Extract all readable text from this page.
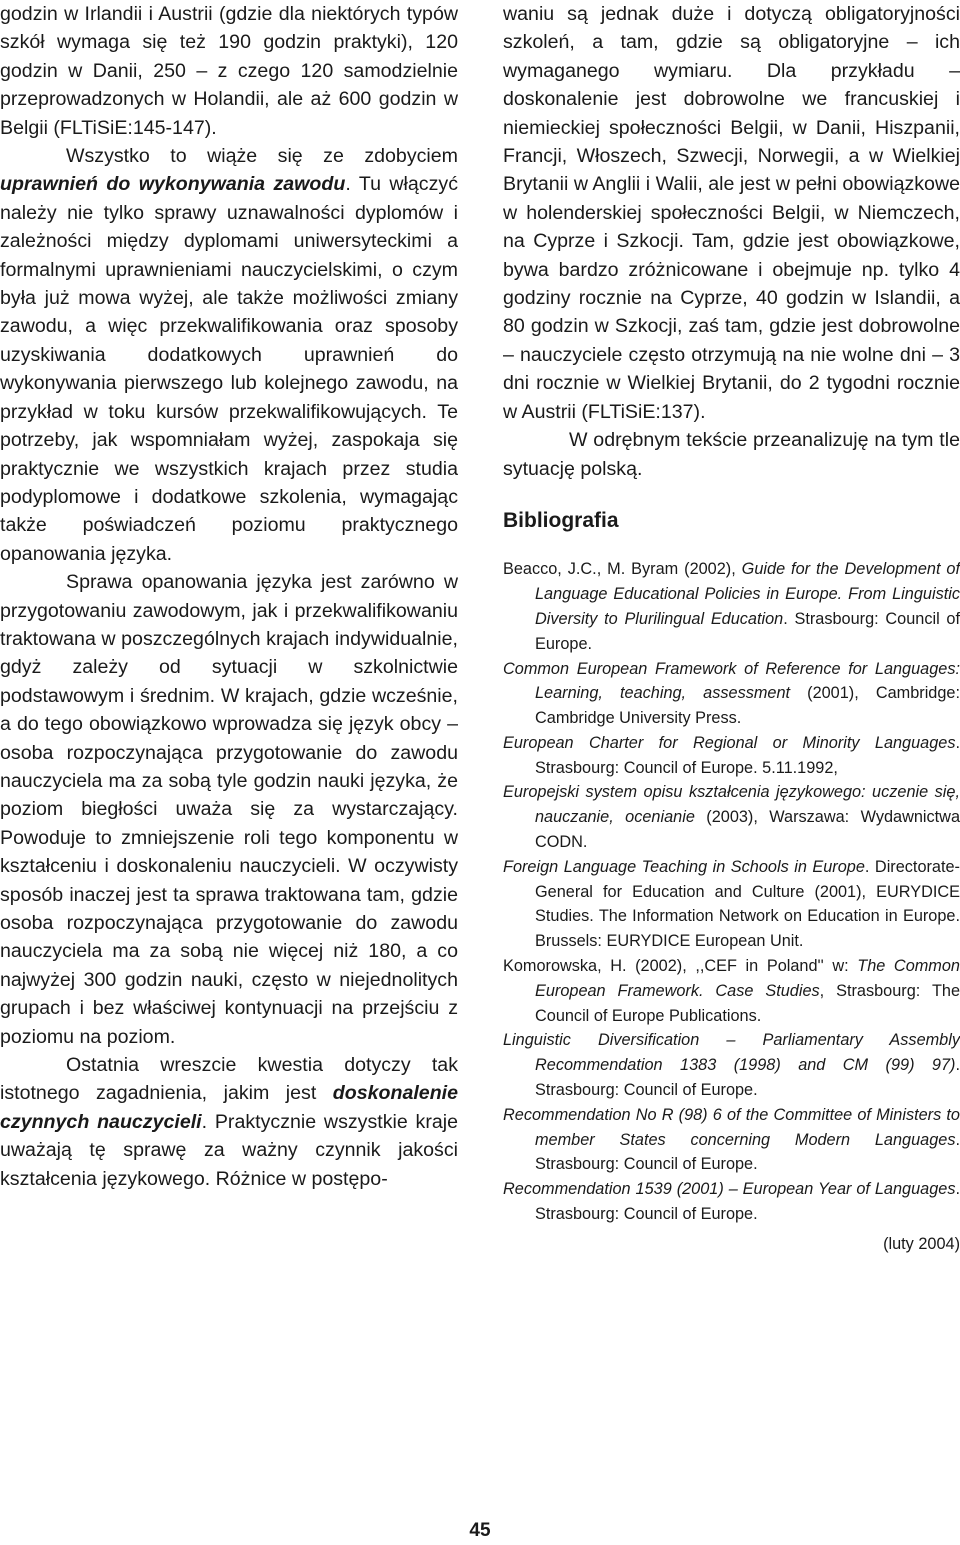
godzin w Irlandii i Austrii (gdzie dla niektórych typów szkół wymaga się też 190 godzin praktyki), 120 godzin w Danii, 250 – z czego 120 samodzielnie przeprowadzonych w Holandii, ale aż 600 godzin w Belgii (FLTiSiE:145-147).

Wszystko to wiąże się ze zdobyciem uprawnień do wykonywania zawodu. Tu włączyć należy nie tylko sprawy uznawalności dyplomów i zależności między dyplomami uniwersyteckimi a formalnymi uprawnieniami nauczycielskimi, o czym była już mowa wyżej, ale także możliwości zmiany zawodu, a więc przekwalifikowania oraz sposoby uzyskiwania dodatkowych uprawnień do wykonywania pierwszego lub kolejnego zawodu, na przykład w toku kursów przekwalifikowujących. Te potrzeby, jak wspomniałam wyżej, zaspokaja się praktycznie we wszystkich krajach przez studia podyplomowe i dodatkowe szkolenia, wymagając także poświadczeń poziomu praktycznego opanowania języka.

Sprawa opanowania języka jest zarówno w przygotowaniu zawodowym, jak i przekwalifikowaniu traktowana w poszczególnych krajach indywidualnie, gdyż zależy od sytuacji w szkolnictwie podstawowym i średnim. W krajach, gdzie wcześnie, a do tego obowiązkowo wprowadza się język obcy – osoba rozpoczynająca przygotowanie do zawodu nauczyciela ma za sobą tyle godzin nauki języka, że poziom biegłości uważa się za wystarczający. Powoduje to zmniejszenie roli tego komponentu w kształceniu i doskonaleniu nauczycieli. W oczywisty sposób inaczej jest ta sprawa traktowana tam, gdzie osoba rozpoczynająca przygotowanie do zawodu nauczyciela ma za sobą nie więcej niż 180, a co najwyżej 300 godzin nauki, często w niejednolitych grupach i bez właściwej kontynuacji na przejściu z poziomu na poziom.

Ostatnia wreszcie kwestia dotyczy tak istotnego zagadnienia, jakim jest doskonalenie czynnych nauczycieli. Praktycznie wszystkie kraje uważają tę sprawę za ważny czynnik jakości kształcenia językowego. Różnice w postępo-

waniu są jednak duże i dotyczą obligatoryjności szkoleń, a tam, gdzie są obligatoryjne – ich wymaganego wymiaru. Dla przykładu – doskonalenie jest dobrowolne we francuskiej i niemieckiej społeczności Belgii, w Danii, Hiszpanii, Francji, Włoszech, Szwecji, Norwegii, a w Wielkiej Brytanii w Anglii i Walii, ale jest w pełni obowiązkowe w holenderskiej społeczności Belgii, w Niemczech, na Cyprze i Szkocji. Tam, gdzie jest obowiązkowe, bywa bardzo zróżnicowane i obejmuje np. tylko 4 godziny rocznie na Cyprze, 40 godzin w Islandii, a 80 godzin w Szkocji, zaś tam, gdzie jest dobrowolne – nauczyciele często otrzymują na nie wolne dni – 3 dni rocznie w Wielkiej Brytanii, do 2 tygodni rocznie w Austrii (FLTiSiE:137).

W odrębnym tekście przeanalizuję na tym tle sytuację polską.

Bibliografia

Beacco, J.C., M. Byram (2002), Guide for the Development of Language Educational Policies in Europe. From Linguistic Diversity to Plurilingual Education. Strasbourg: Council of Europe.

Common European Framework of Reference for Languages: Learning, teaching, assessment (2001), Cambridge: Cambridge University Press.

European Charter for Regional or Minority Languages. Strasbourg: Council of Europe. 5.11.1992,

Europejski system opisu kształcenia językowego: uczenie się, nauczanie, ocenianie (2003), Warszawa: Wydawnictwa CODN.

Foreign Language Teaching in Schools in Europe. Directorate-General for Education and Culture (2001), EURYDICE Studies. The Information Network on Education in Europe. Brussels: EURYDICE European Unit.

Komorowska, H. (2002), ,,CEF in Poland'' w: The Common European Framework. Case Studies, Strasbourg: The Council of Europe Publications.

Linguistic Diversification – Parliamentary Assembly Recommendation 1383 (1998) and CM (99) 97). Strasbourg: Council of Europe.

Recommendation No R (98) 6 of the Committee of Ministers to member States concerning Modern Languages. Strasbourg: Council of Europe.

Recommendation 1539 (2001) – European Year of Languages. Strasbourg: Council of Europe.

(luty 2004)
45
